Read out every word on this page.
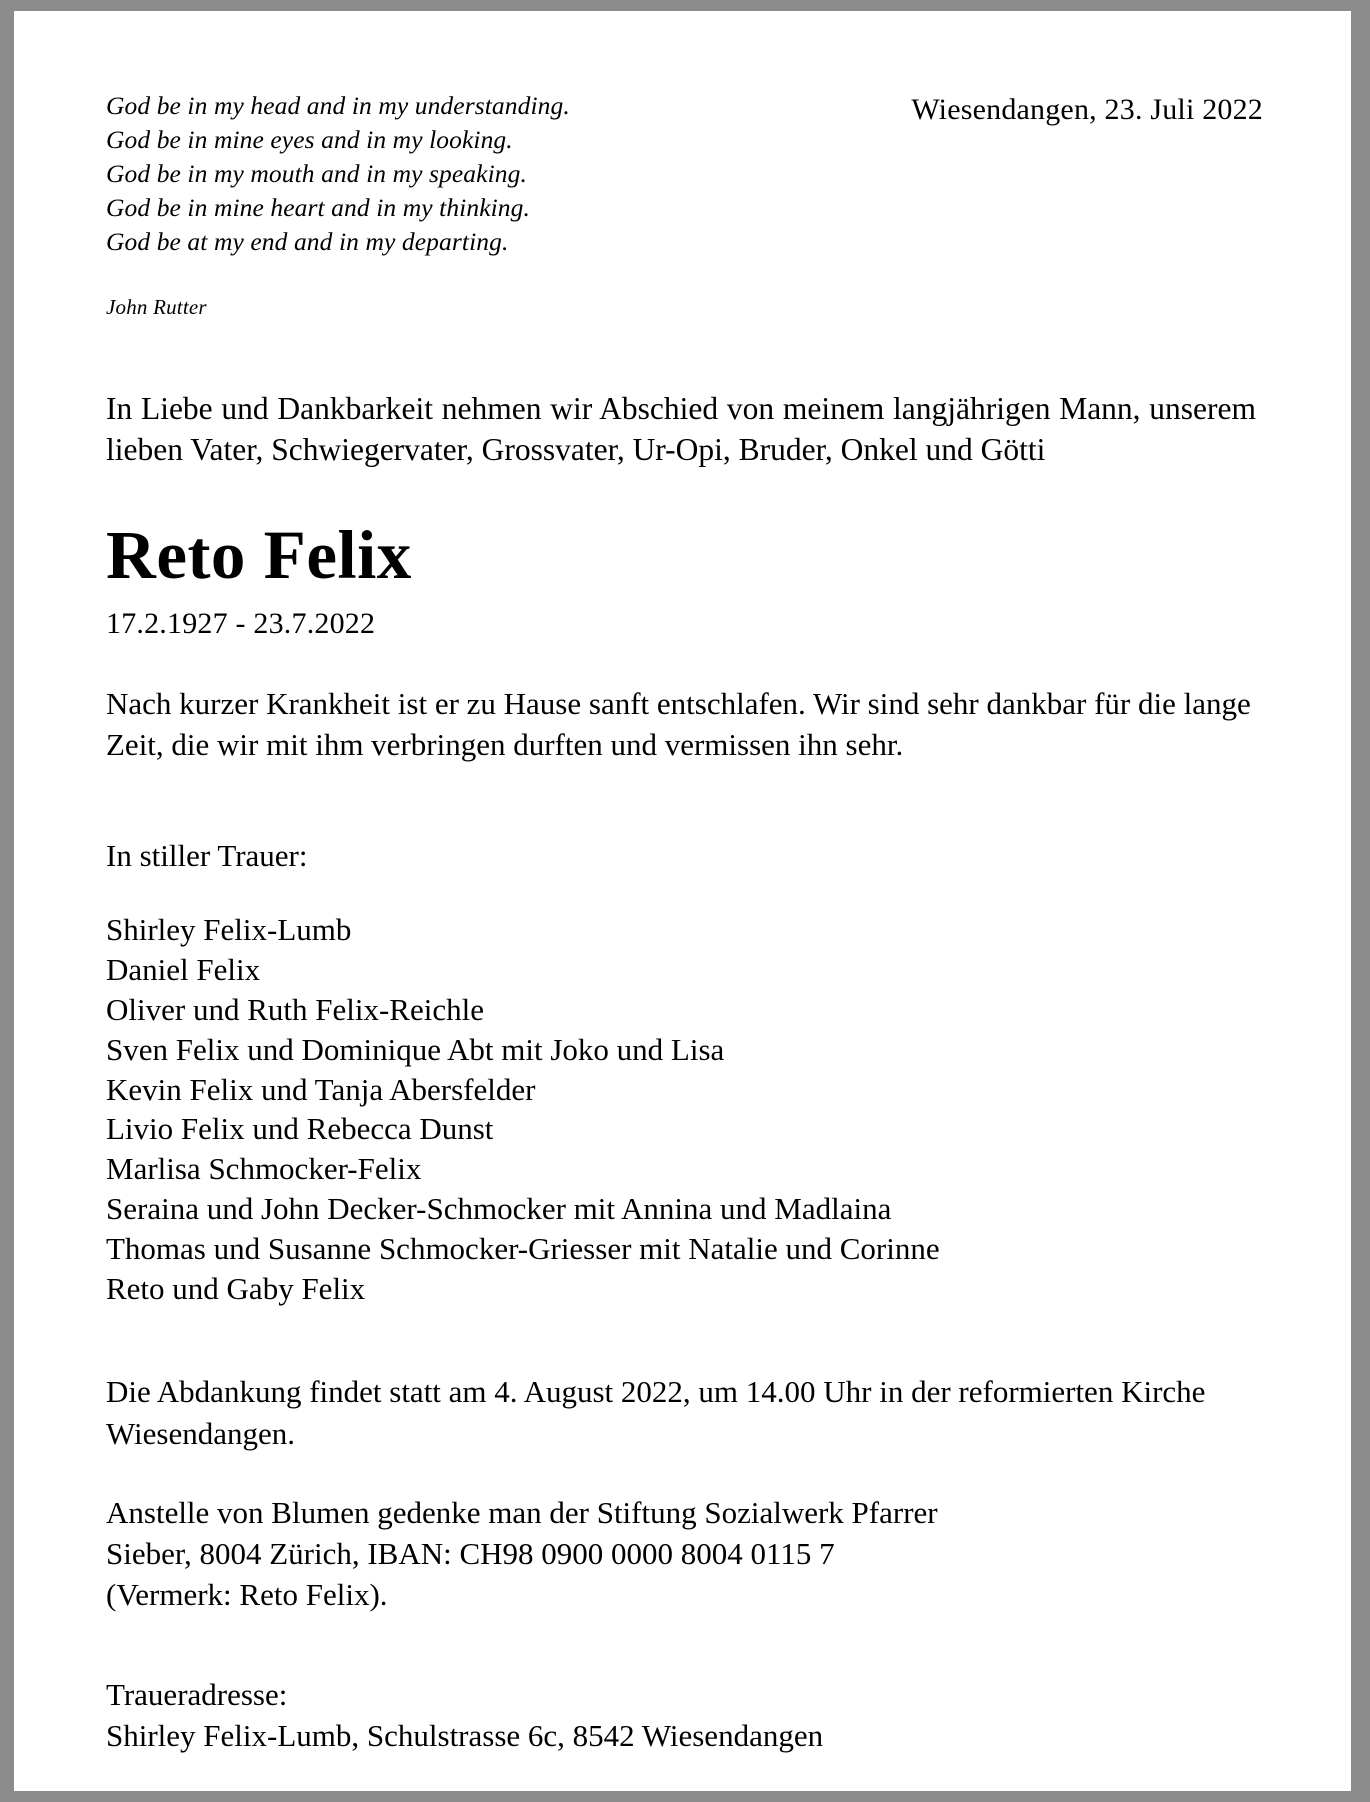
God be in my head and in my understanding.
God be in mine eyes and in my looking.
God be in my mouth and in my speaking.
God be in mine heart and in my thinking.
God be at my end and in my departing.
John Rutter
Wiesendangen, 23. Juli 2022
In Liebe und Dankbarkeit nehmen wir Abschied von meinem langjährigen Mann, unserem lieben Vater, Schwiegervater, Grossvater, Ur-Opi, Bruder, Onkel und Götti
Reto Felix
17.2.1927 - 23.7.2022
Nach kurzer Krankheit ist er zu Hause sanft entschlafen. Wir sind sehr dankbar für die lange Zeit, die wir mit ihm verbringen durften und vermissen ihn sehr.
In stiller Trauer:
Shirley Felix-Lumb
Daniel Felix
Oliver und Ruth Felix-Reichle
Sven Felix und Dominique Abt mit Joko und Lisa
Kevin Felix und Tanja Abersfelder
Livio Felix und Rebecca Dunst
Marlisa Schmocker-Felix
Seraina und John Decker-Schmocker mit Annina und Madlaina
Thomas und Susanne Schmocker-Griesser mit Natalie und Corinne
Reto und Gaby Felix
Die Abdankung findet statt am 4. August 2022, um 14.00 Uhr in der reformierten Kirche Wiesendangen.
Anstelle von Blumen gedenke man der Stiftung Sozialwerk Pfarrer
Sieber, 8004 Zürich, IBAN: CH98 0900 0000 8004 0115 7
(Vermerk: Reto Felix).
Traueradresse:
Shirley Felix-Lumb, Schulstrasse 6c, 8542 Wiesendangen
